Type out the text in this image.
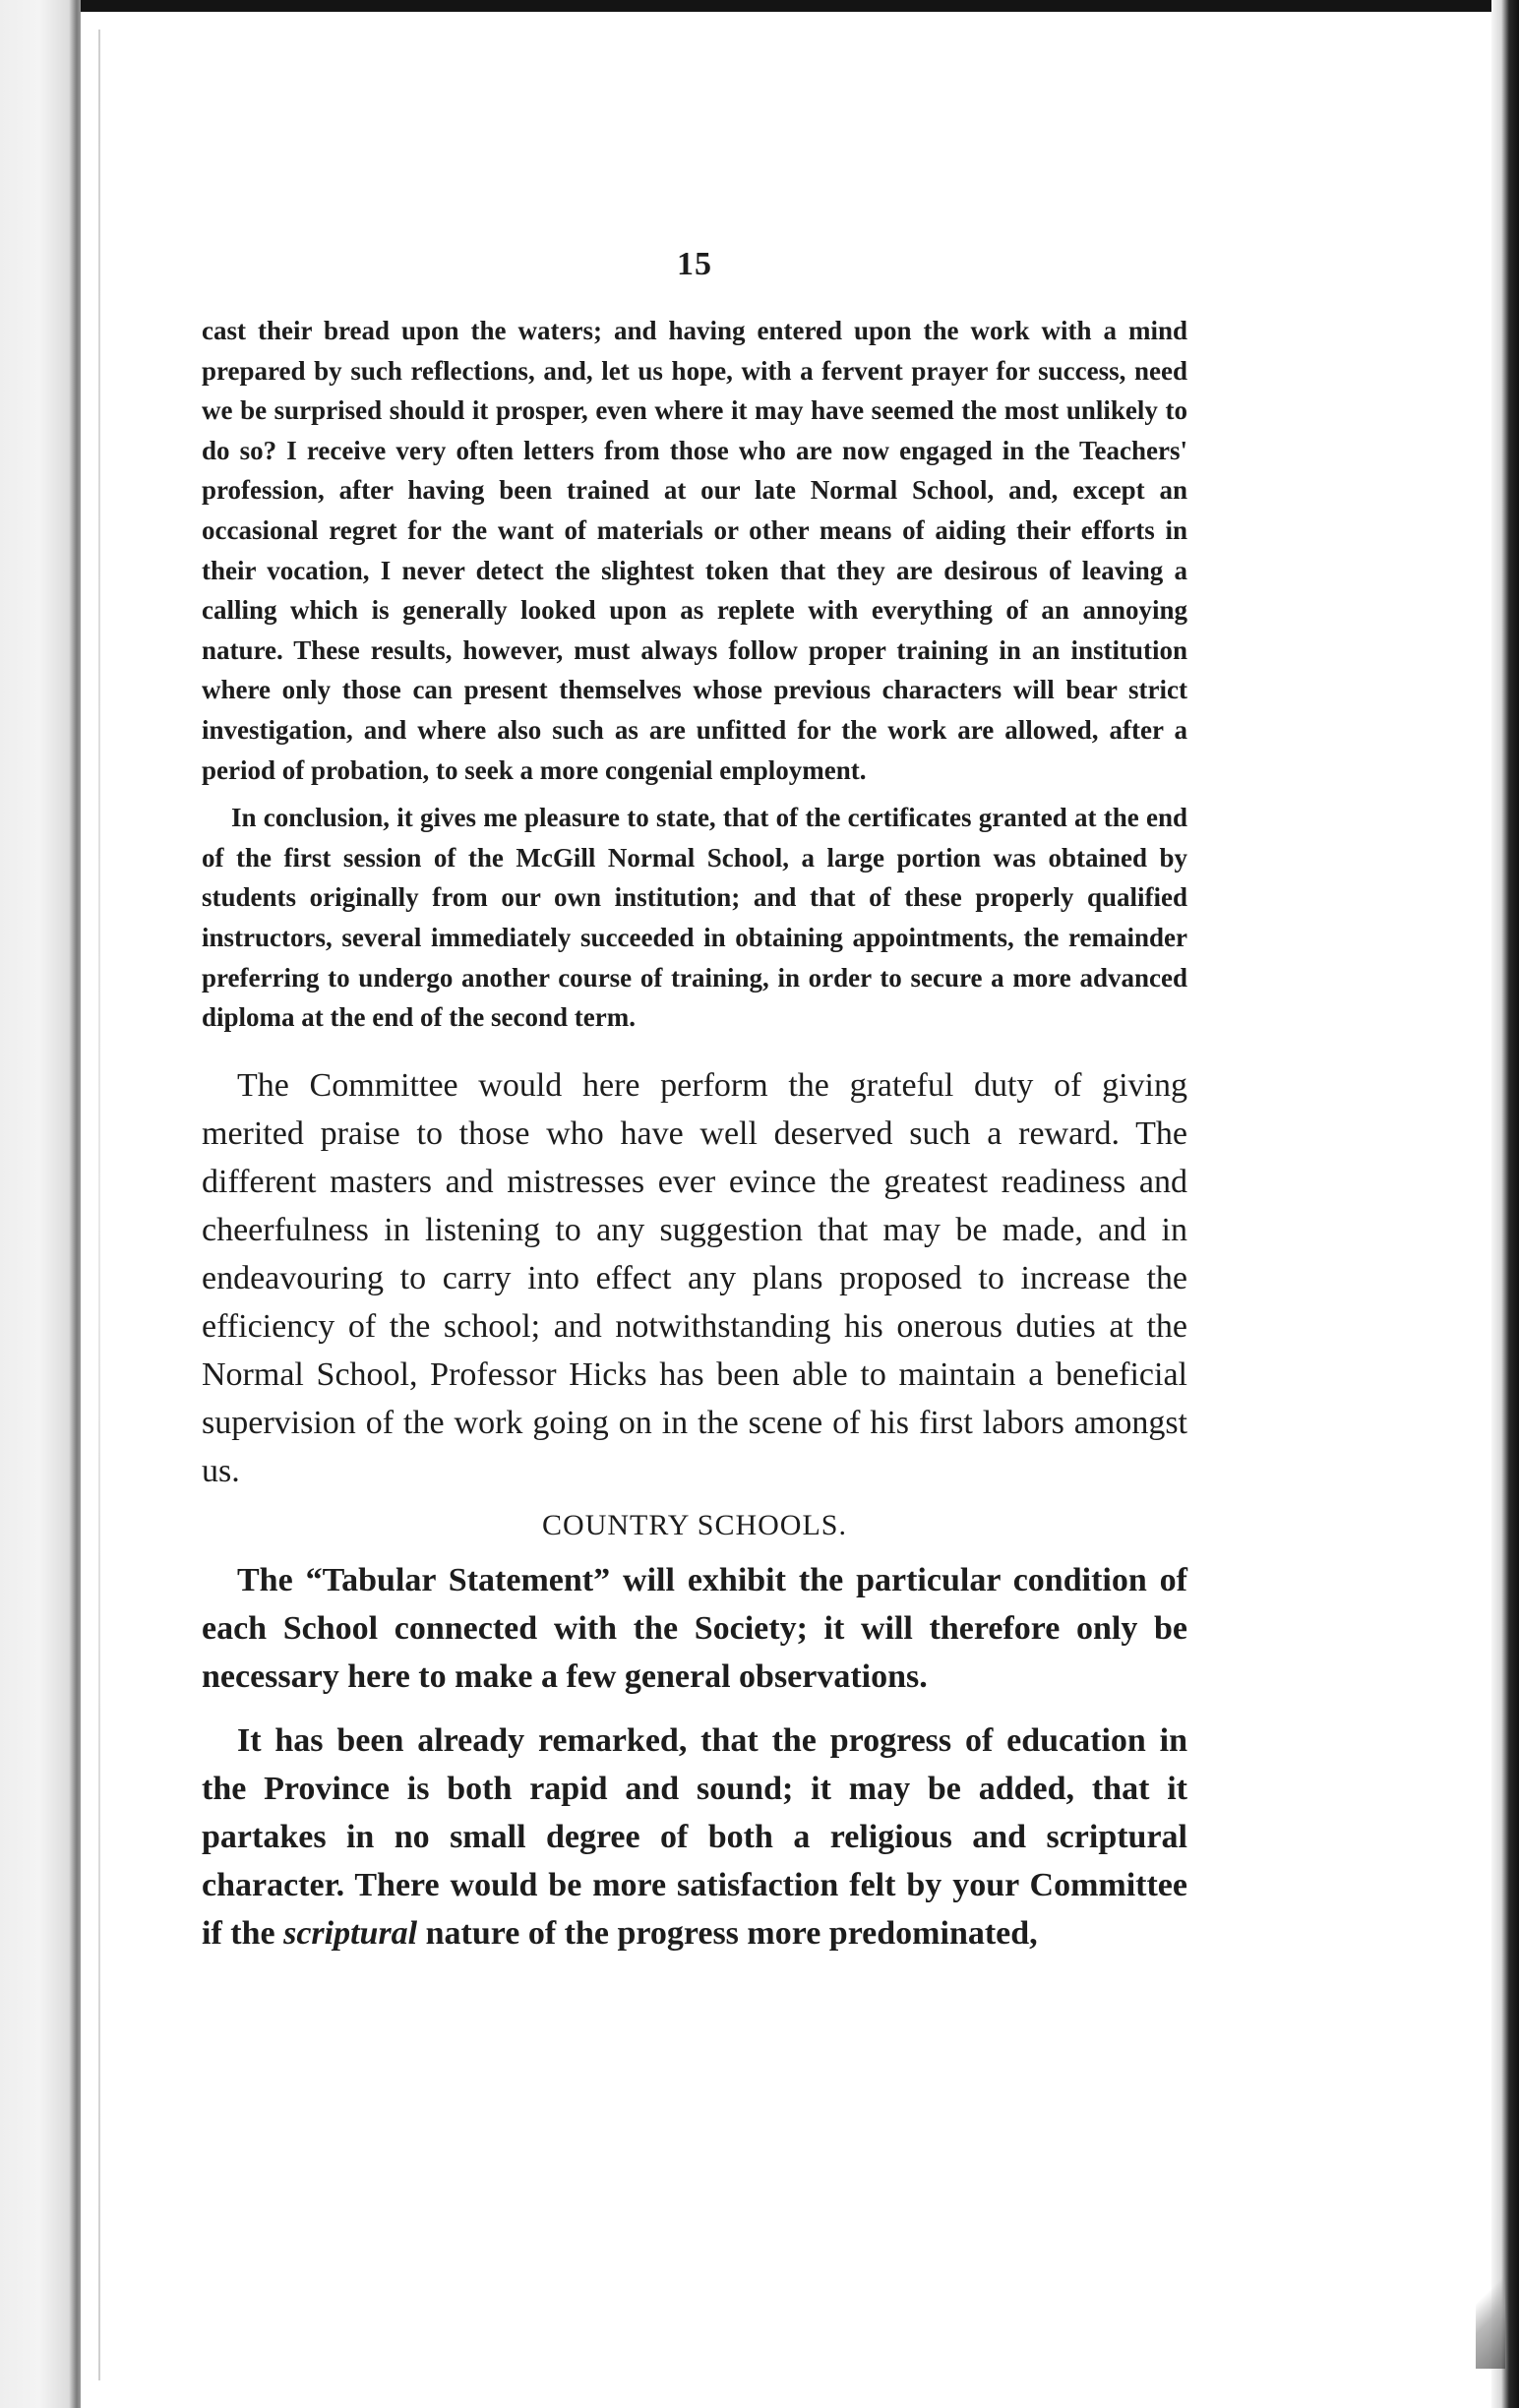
15

cast their bread upon the waters; and having entered upon the work with a mind prepared by such reflections, and, let us hope, with a fervent prayer for success, need we be surprised should it prosper, even where it may have seemed the most unlikely to do so? I receive very often letters from those who are now engaged in the Teachers' profession, after having been trained at our late Normal School, and, except an occasional regret for the want of materials or other means of aiding their efforts in their vocation, I never detect the slightest token that they are desirous of leaving a calling which is generally looked upon as replete with everything of an annoying nature. These results, however, must always follow proper training in an institution where only those can present themselves whose previous characters will bear strict investigation, and where also such as are unfitted for the work are allowed, after a period of probation, to seek a more congenial employment.

In conclusion, it gives me pleasure to state, that of the certificates granted at the end of the first session of the McGill Normal School, a large portion was obtained by students originally from our own institution; and that of these properly qualified instructors, several immediately succeeded in obtaining appointments, the remainder preferring to undergo another course of training, in order to secure a more advanced diploma at the end of the second term.

The Committee would here perform the grateful duty of giving merited praise to those who have well deserved such a reward. The different masters and mistresses ever evince the greatest readiness and cheerfulness in listening to any suggestion that may be made, and in endeavouring to carry into effect any plans proposed to increase the efficiency of the school; and notwithstanding his onerous duties at the Normal School, Professor Hicks has been able to maintain a beneficial supervision of the work going on in the scene of his first labors amongst us.

COUNTRY SCHOOLS.

The “Tabular Statement” will exhibit the particular condition of each School connected with the Society; it will therefore only be necessary here to make a few general observations.

It has been already remarked, that the progress of education in the Province is both rapid and sound; it may be added, that it partakes in no small degree of both a religious and scriptural character. There would be more satisfaction felt by your Committee if the scriptural nature of the progress more predominated,
